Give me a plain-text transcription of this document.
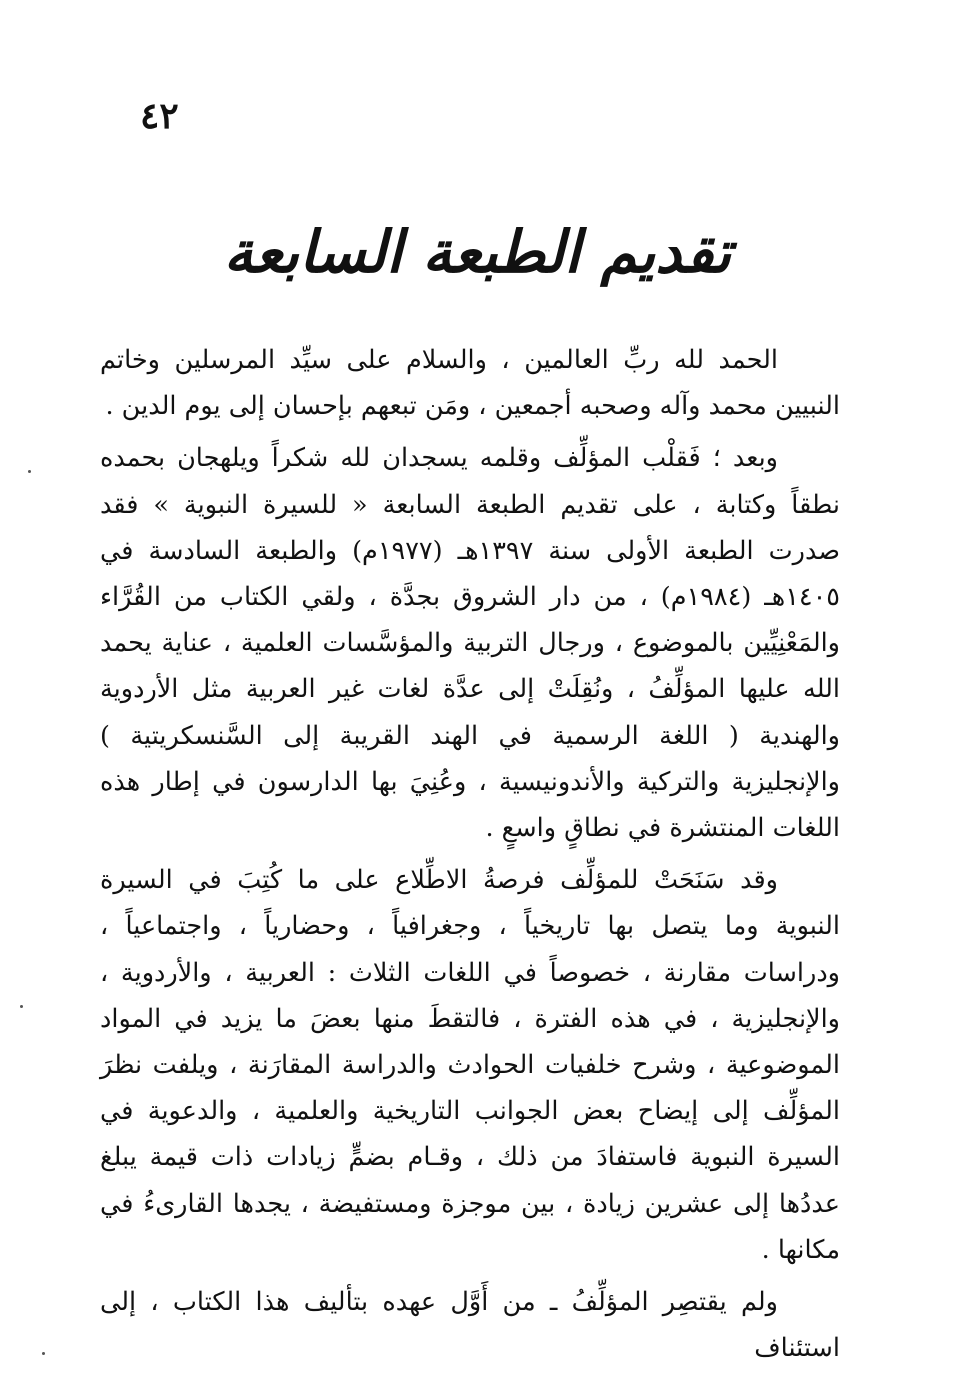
٤٢
تقديم الطبعة السابعة

الحمد لله ربِّ العالمين ، والسلام على سيِّد المرسلين وخاتم النبيين محمد وآله وصحبه أجمعين ، ومَن تبعهم بإحسان إلى يوم الدين .

وبعد ؛ فَقلْب المؤلِّف وقلمه يسجدان لله شكراً ويلهجان بحمده نطقاً وكتابة ، على تقديم الطبعة السابعة « للسيرة النبوية » فقد صدرت الطبعة الأولى سنة ١٣٩٧هـ (١٩٧٧م) والطبعة السادسة في ١٤٠٥هـ (١٩٨٤م) ، من دار الشروق بجدَّة ، ولقي الكتاب من القُرَّاء والمَعْنِيِّين بالموضوع ، ورجال التربية والمؤسَّسات العلمية ، عناية يحمد الله عليها المؤلِّفُ ، ونُقِلَتْ إلى عدَّة لغات غير العربية مثل الأردوية والهندية ( اللغة الرسمية في الهند القريبة إلى السَّنسكريتية ) والإنجليزية والتركية والأندونيسية ، وعُنِيَ بها الدارسون في إطار هذه اللغات المنتشرة في نطاقٍ واسعٍ .

وقد سَنَحَتْ للمؤلِّف فرصةُ الاطِّلاع على ما كُتِبَ في السيرة النبوية وما يتصل بها تاريخياً ، وجغرافياً ، وحضارياً ، واجتماعياً ، ودراسات مقارنة ، خصوصاً في اللغات الثلاث : العربية ، والأردوية ، والإنجليزية ، في هذه الفترة ، فالتقطَ منها بعضَ ما يزيد في المواد الموضوعية ، وشرح خلفيات الحوادث والدراسة المقارَنة ، ويلفت نظرَ المؤلِّف إلى إيضاح بعض الجوانب التاريخية والعلمية ، والدعوية في السيرة النبوية فاستفادَ من ذلك ، وقـام بضمٍّ زيادات ذات قيمة يبلغ عددُها إلى عشرين زيادة ، بين موجزة ومستفيضة ، يجدها القارىءُ في مكانها .

ولم يقتصِر المؤلِّفُ ـ من أَوَّل عهده بتأليف هذا الكتاب ، إلى استئناف
